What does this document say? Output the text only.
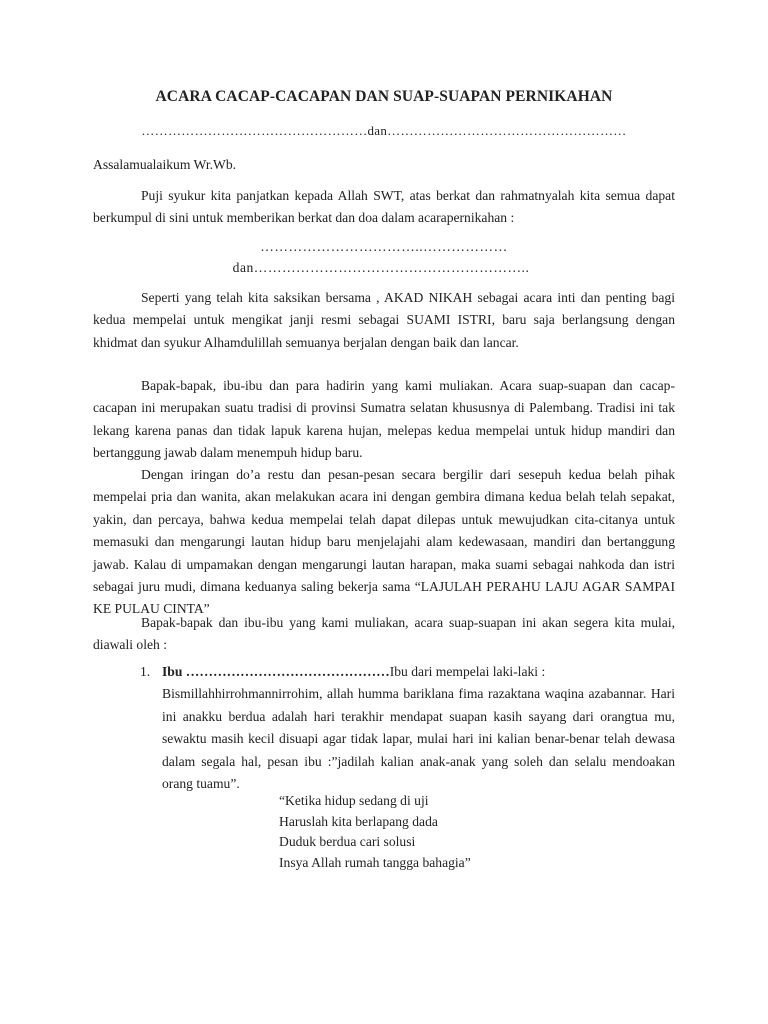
ACARA CACAP-CACAPAN DAN SUAP-SUAPAN PERNIKAHAN
……………………………………………dan………………………………………………
Assalamualaikum Wr.Wb.

Puji syukur kita panjatkan kepada Allah SWT, atas berkat dan rahmatnyalah kita semua dapat berkumpul di sini untuk memberikan berkat dan doa dalam acarapernikahan :

……………………………..………………
dan…………………………………………………..

Seperti yang telah kita saksikan bersama , AKAD NIKAH sebagai acara inti dan penting bagi kedua mempelai untuk mengikat janji resmi sebagai SUAMI ISTRI, baru saja berlangsung dengan khidmat dan syukur Alhamdulillah semuanya berjalan dengan baik dan lancar.

Bapak-bapak, ibu-ibu dan para hadirin yang kami muliakan. Acara suap-suapan dan cacap-cacapan ini merupakan suatu tradisi di provinsi Sumatra selatan khususnya di Palembang. Tradisi ini tak lekang karena panas dan tidak lapuk karena hujan, melepas kedua mempelai untuk hidup mandiri dan bertanggung jawab dalam menempuh hidup baru.

Dengan iringan do’a restu dan pesan-pesan secara bergilir dari sesepuh kedua belah pihak mempelai pria dan wanita, akan melakukan acara ini dengan gembira dimana kedua belah telah sepakat, yakin, dan percaya, bahwa kedua mempelai telah dapat dilepas untuk mewujudkan cita-citanya untuk memasuki dan mengarungi lautan hidup baru menjelajahi alam kedewasaan, mandiri dan bertanggung jawab. Kalau di umpamakan dengan mengarungi lautan harapan, maka suami sebagai nahkoda dan istri sebagai juru mudi, dimana keduanya saling bekerja sama “LAJULAH PERAHU LAJU AGAR SAMPAI KE PULAU CINTA”

Bapak-bapak dan ibu-ibu yang kami muliakan, acara suap-suapan ini akan segera kita mulai, diawali oleh :

1. Ibu ………………………………………Ibu dari mempelai laki-laki :
Bismillahhirrohmannirrohim, allah humma bariklana fima razaktana waqina azabannar. Hari ini anakku berdua adalah hari terakhir mendapat suapan kasih sayang dari orangtua mu, sewaktu masih kecil disuapi agar tidak lapar, mulai hari ini kalian benar-benar telah dewasa dalam segala hal, pesan ibu :”jadilah kalian anak-anak yang soleh dan selalu mendoakan orang tuamu”.
“Ketika hidup sedang di uji
Haruslah kita berlapang dada
Duduk berdua cari solusi
Insya Allah rumah tangga bahagia”
